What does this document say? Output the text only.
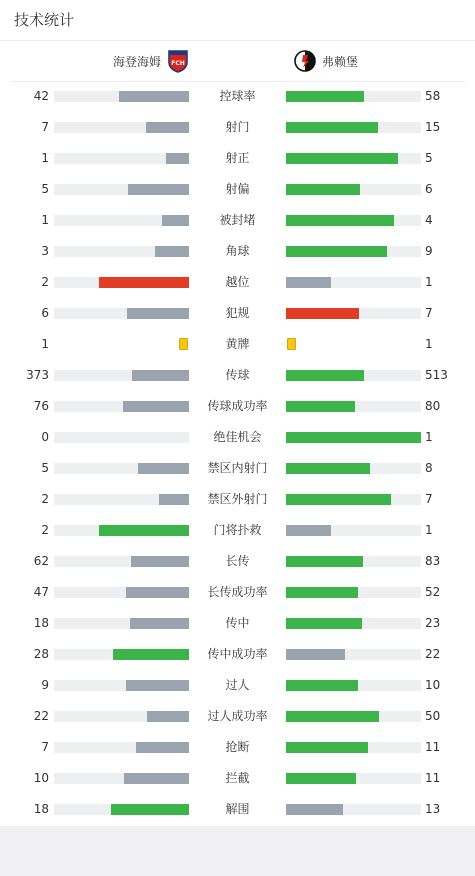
技术统计
海登海姆 FCH	弗赖堡
42	控球率	58
7	射门	15
1	射正	5
5	射偏	6
1	被封堵	4
3	角球	9
2	越位	1
6	犯规	7
1	黄牌	1
373	传球	513
76	传球成功率	80
0	绝佳机会	1
5	禁区内射门	8
2	禁区外射门	7
2	门将扑救	1
62	长传	83
47	长传成功率	52
18	传中	23
28	传中成功率	22
9	过人	10
22	过人成功率	50
7	抢断	11
10	拦截	11
18	解围	13
